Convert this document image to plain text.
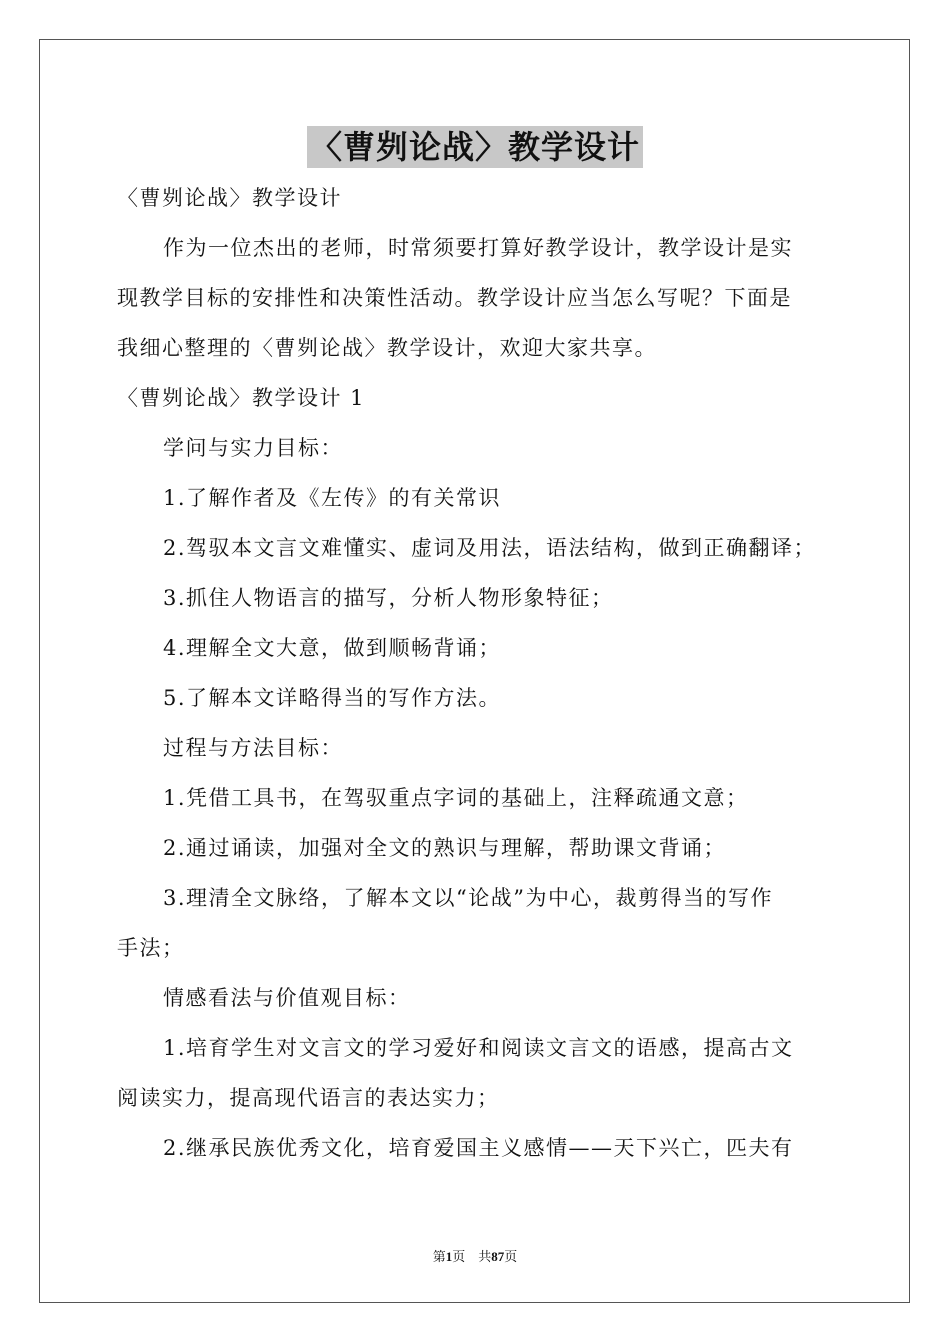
〈曹刿论战〉教学设计
〈曹刿论战〉教学设计
作为一位杰出的老师，时常须要打算好教学设计，教学设计是实
现教学目标的安排性和决策性活动。教学设计应当怎么写呢？下面是
我细心整理的〈曹刿论战〉教学设计，欢迎大家共享。
〈曹刿论战〉教学设计 1
学问与实力目标：
1.了解作者及《左传》的有关常识
2.驾驭本文言文难懂实、虚词及用法，语法结构，做到正确翻译；
3.抓住人物语言的描写，分析人物形象特征；
4.理解全文大意，做到顺畅背诵；
5.了解本文详略得当的写作方法。
过程与方法目标：
1.凭借工具书，在驾驭重点字词的基础上，注释疏通文意；
2.通过诵读，加强对全文的熟识与理解，帮助课文背诵；
3.理清全文脉络，了解本文以“论战”为中心，裁剪得当的写作
手法；
情感看法与价值观目标：
1.培育学生对文言文的学习爱好和阅读文言文的语感，提高古文
阅读实力，提高现代语言的表达实力；
2.继承民族优秀文化，培育爱国主义感情——天下兴亡，匹夫有
第1页 共87页
